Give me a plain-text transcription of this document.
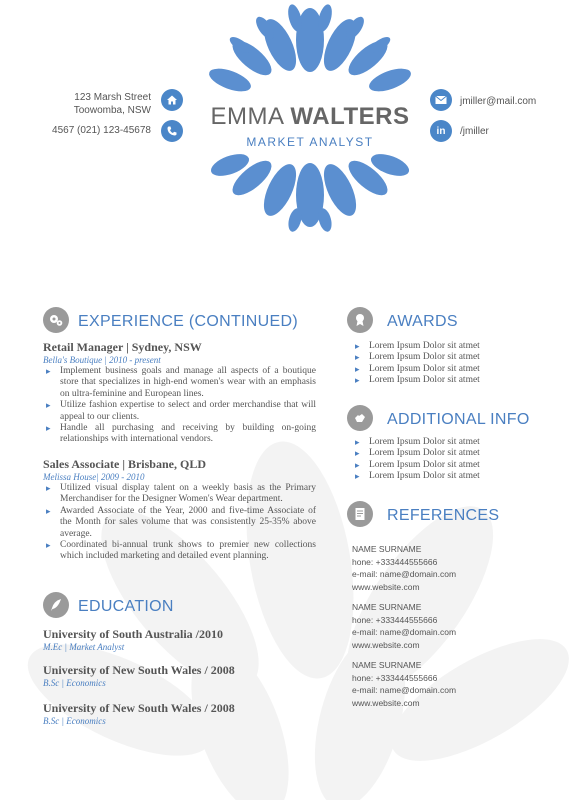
EMMA WALTERS
MARKET ANALYST
123 Marsh Street
Toowomba, NSW
4567 (021) 123-45678
jmiller@mail.com
in /jmiller
EXPERIENCE (CONTINUED)
Retail Manager | Sydney, NSW
Bella's Boutique | 2010 - present
▸ Implement business goals and manage all aspects of a boutique store that specializes in high-end women's wear with an emphasis on ultra-feminine and European lines.
▸ Utilize fashion expertise to select and order merchandise that will appeal to our clients.
▸ Handle all purchasing and receiving by building on-going relationships with international vendors.
Sales Associate | Brisbane, QLD
Melissa House| 2009 - 2010
▸ Utilized visual display talent on a weekly basis as the Primary Merchandiser for the Designer Women's Wear department.
▸ Awarded Associate of the Year, 2000 and five-time Associate of the Month for sales volume that was consistently 25-35% above average.
▸ Coordinated bi-annual trunk shows to premier new collections which included marketing and detailed event planning.
EDUCATION
University of South Australia /2010
M.Ec | Market Analyst
University of New South Wales / 2008
B.Sc | Economics
University of New South Wales / 2008
B.Sc | Economics
AWARDS
▸ Lorem Ipsum Dolor sit atmet
▸ Lorem Ipsum Dolor sit atmet
▸ Lorem Ipsum Dolor sit atmet
▸ Lorem Ipsum Dolor sit atmet
ADDITIONAL INFO
▸ Lorem Ipsum Dolor sit atmet
▸ Lorem Ipsum Dolor sit atmet
▸ Lorem Ipsum Dolor sit atmet
▸ Lorem Ipsum Dolor sit atmet
REFERENCES
NAME SURNAME
hone: +333444555666
e-mail: name@domain.com
www.website.com
NAME SURNAME
hone: +333444555666
e-mail: name@domain.com
www.website.com
NAME SURNAME
hone: +333444555666
e-mail: name@domain.com
www.website.com
